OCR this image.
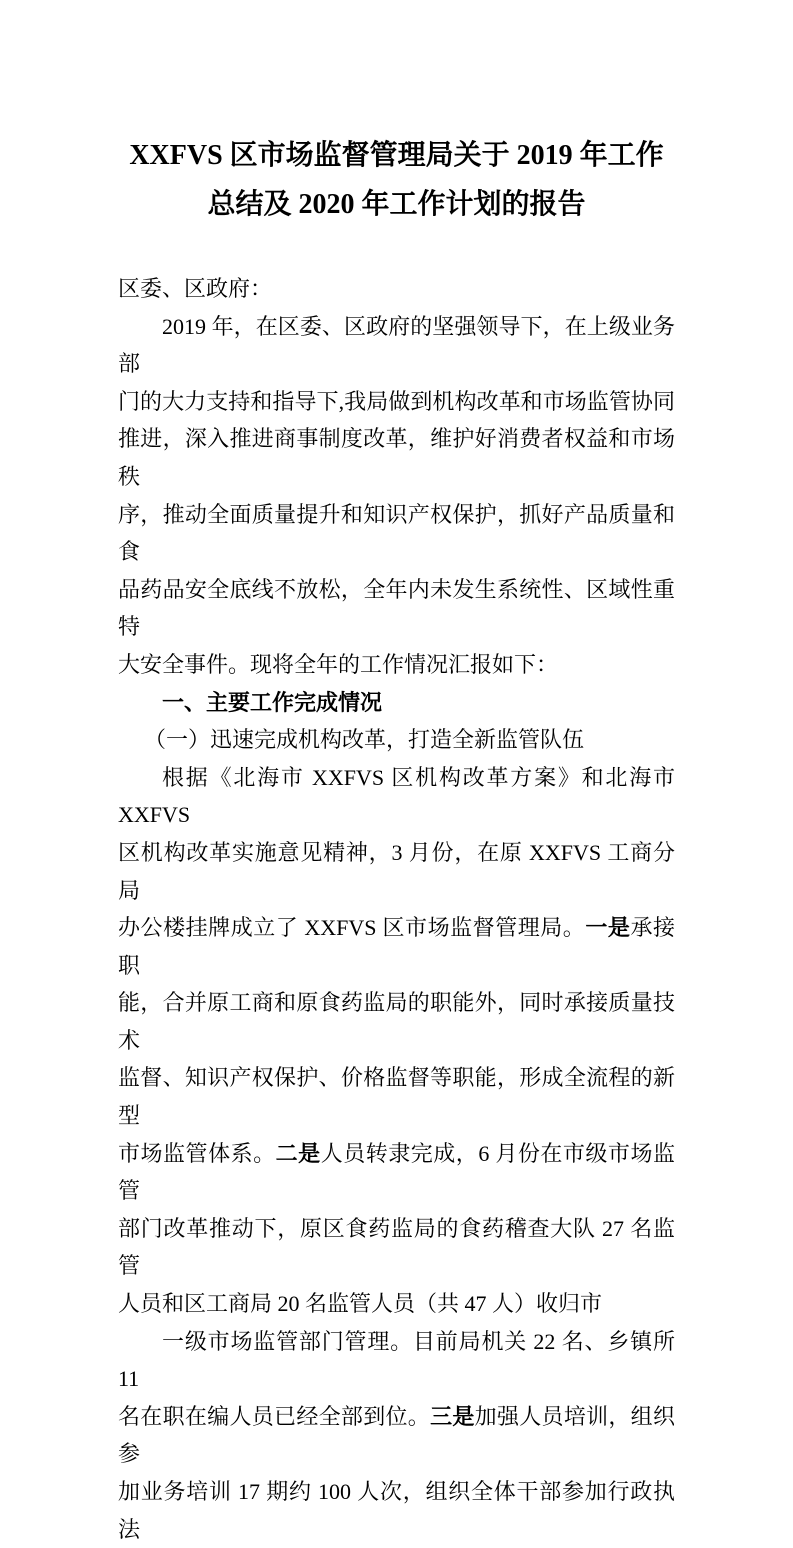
XXFVS 区市场监督管理局关于 2019 年工作
总结及 2020 年工作计划的报告

区委、区政府：

2019 年，在区委、区政府的坚强领导下，在上级业务部

门的大力支持和指导下,我局做到机构改革和市场监管协同

推进，深入推进商事制度改革，维护好消费者权益和市场秩

序，推动全面质量提升和知识产权保护，抓好产品质量和食

品药品安全底线不放松，全年内未发生系统性、区域性重特

大安全事件。现将全年的工作情况汇报如下：

一、主要工作完成情况

（一）迅速完成机构改革，打造全新监管队伍

根据《北海市 XXFVS 区机构改革方案》和北海市 XXFVS

区机构改革实施意见精神，3 月份，在原 XXFVS 工商分局

办公楼挂牌成立了 XXFVS 区市场监督管理局。一是承接职

能，合并原工商和原食药监局的职能外，同时承接质量技术

监督、知识产权保护、价格监督等职能，形成全流程的新型

市场监管体系。二是人员转隶完成，6 月份在市级市场监管

部门改革推动下，原区食药监局的食药稽查大队 27 名监管

人员和区工商局 20 名监管人员（共 47 人）收归市

一级市场监管部门管理。目前局机关 22 名、乡镇所 11

名在职在编人员已经全部到位。三是加强人员培训，组织参

加业务培训 17 期约 100 人次，组织全体干部参加行政执法
